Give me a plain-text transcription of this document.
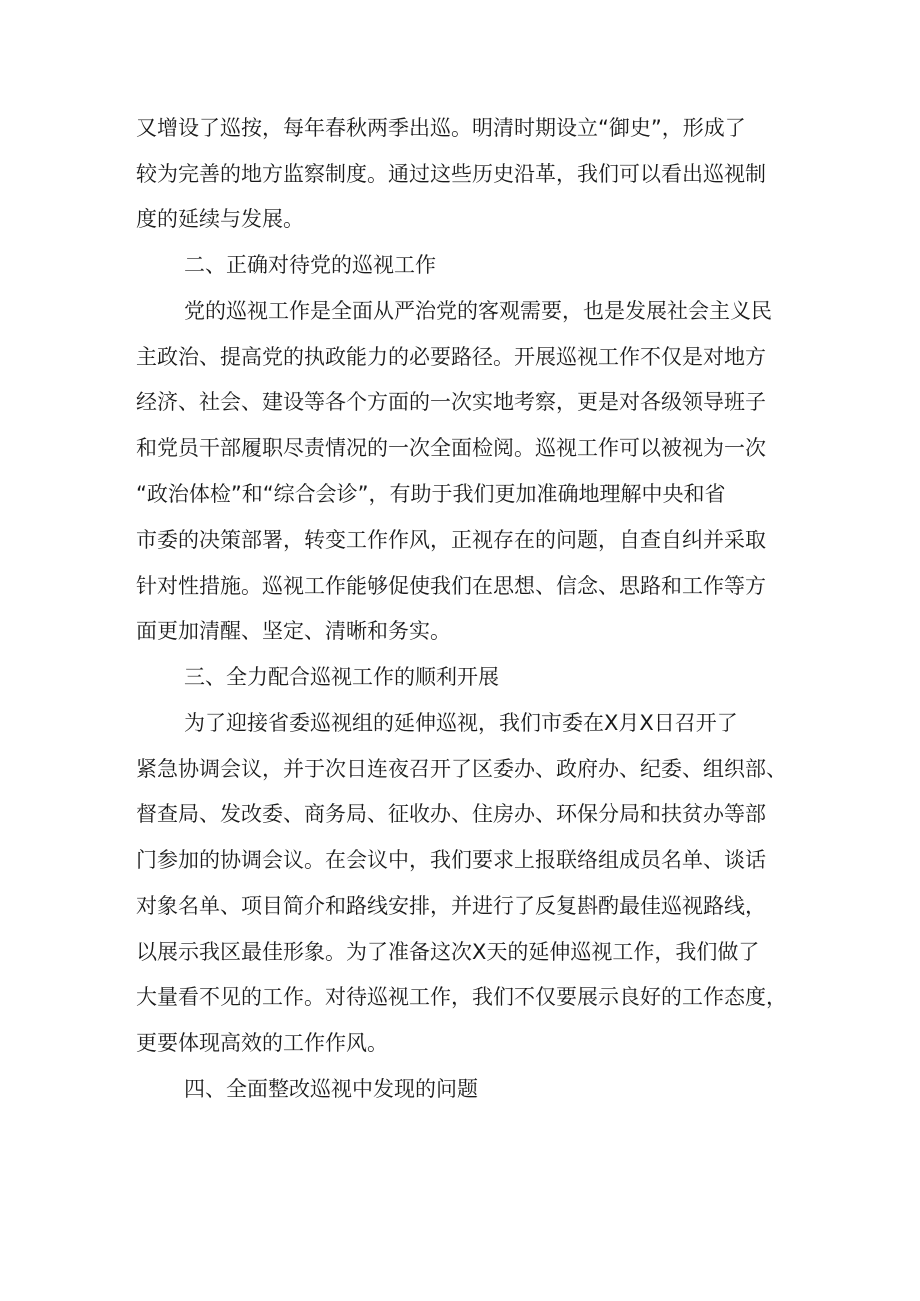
又增设了巡按，每年春秋两季出巡。明清时期设立“御史”，形成了

较为完善的地方监察制度。通过这些历史沿革，我们可以看出巡视制

度的延续与发展。

二、正确对待党的巡视工作

党的巡视工作是全面从严治党的客观需要，也是发展社会主义民

主政治、提高党的执政能力的必要路径。开展巡视工作不仅是对地方

经济、社会、建设等各个方面的一次实地考察，更是对各级领导班子

和党员干部履职尽责情况的一次全面检阅。巡视工作可以被视为一次

“政治体检”和“综合会诊”，有助于我们更加准确地理解中央和省

市委的决策部署，转变工作作风，正视存在的问题，自查自纠并采取

针对性措施。巡视工作能够促使我们在思想、信念、思路和工作等方

面更加清醒、坚定、清晰和务实。

三、全力配合巡视工作的顺利开展

为了迎接省委巡视组的延伸巡视，我们市委在X月X日召开了

紧急协调会议，并于次日连夜召开了区委办、政府办、纪委、组织部、

督查局、发改委、商务局、征收办、住房办、环保分局和扶贫办等部

门参加的协调会议。在会议中，我们要求上报联络组成员名单、谈话

对象名单、项目简介和路线安排，并进行了反复斟酌最佳巡视路线，

以展示我区最佳形象。为了准备这次X天的延伸巡视工作，我们做了

大量看不见的工作。对待巡视工作，我们不仅要展示良好的工作态度，

更要体现高效的工作作风。

四、全面整改巡视中发现的问题
